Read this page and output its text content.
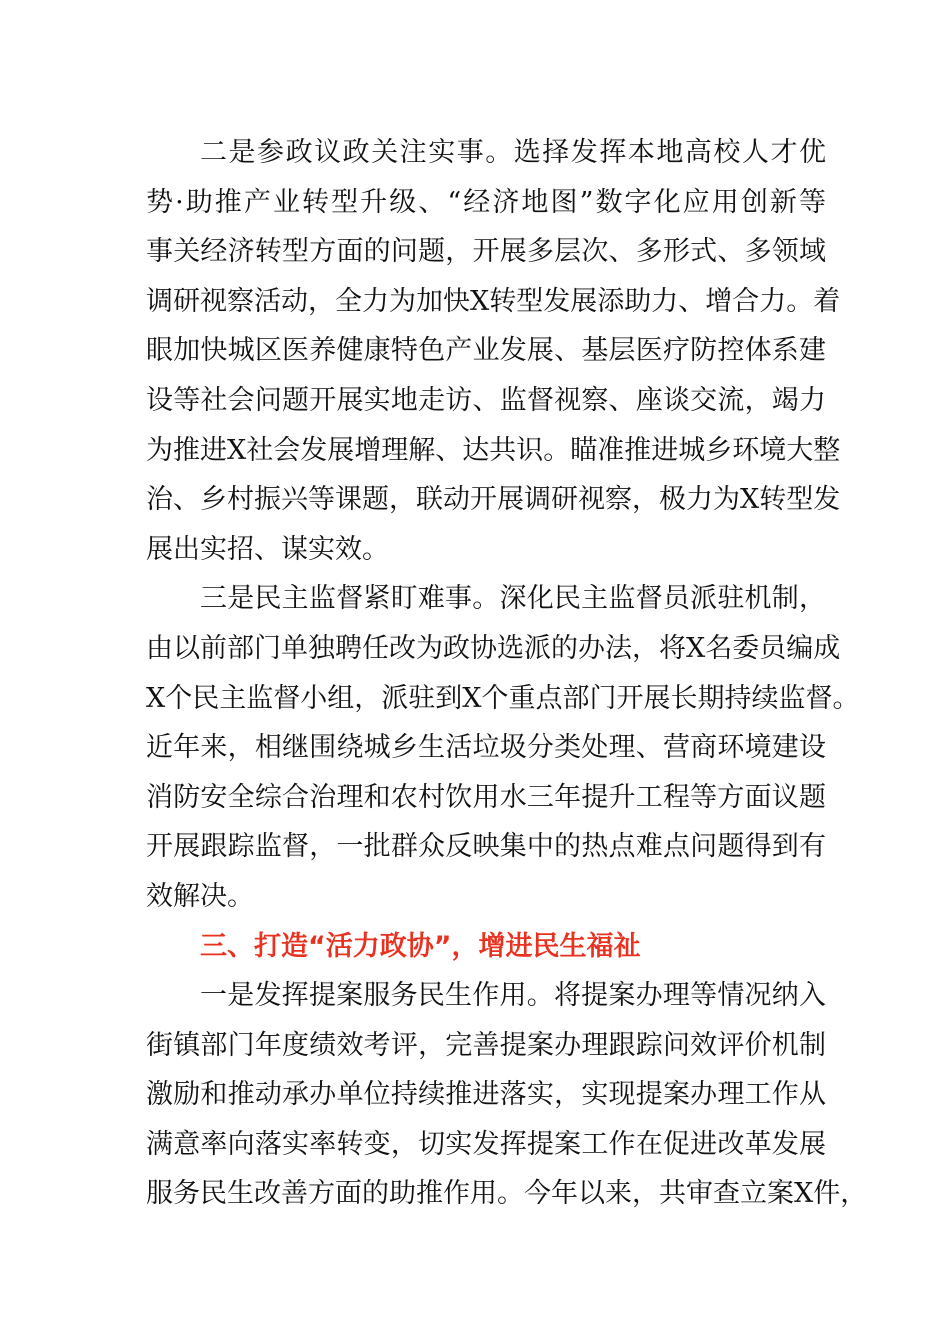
二是参政议政关注实事。选择发挥本地高校人才优
势·助推产业转型升级、“经济地图”数字化应用创新等
事关经济转型方面的问题，开展多层次、多形式、多领域
调研视察活动，全力为加快X转型发展添助力、增合力。着
眼加快城区医养健康特色产业发展、基层医疗防控体系建
设等社会问题开展实地走访、监督视察、座谈交流，竭力
为推进X社会发展增理解、达共识。瞄准推进城乡环境大整
治、乡村振兴等课题，联动开展调研视察，极力为X转型发
展出实招、谋实效。
三是民主监督紧盯难事。深化民主监督员派驻机制，
由以前部门单独聘任改为政协选派的办法，将X名委员编成
X个民主监督小组，派驻到X个重点部门开展长期持续监督。
近年来，相继围绕城乡生活垃圾分类处理、营商环境建设
消防安全综合治理和农村饮用水三年提升工程等方面议题
开展跟踪监督，一批群众反映集中的热点难点问题得到有
效解决。
三、打造“活力政协”，增进民生福祉
一是发挥提案服务民生作用。将提案办理等情况纳入
街镇部门年度绩效考评，完善提案办理跟踪问效评价机制
激励和推动承办单位持续推进落实，实现提案办理工作从
满意率向落实率转变，切实发挥提案工作在促进改革发展
服务民生改善方面的助推作用。今年以来，共审查立案X件，
